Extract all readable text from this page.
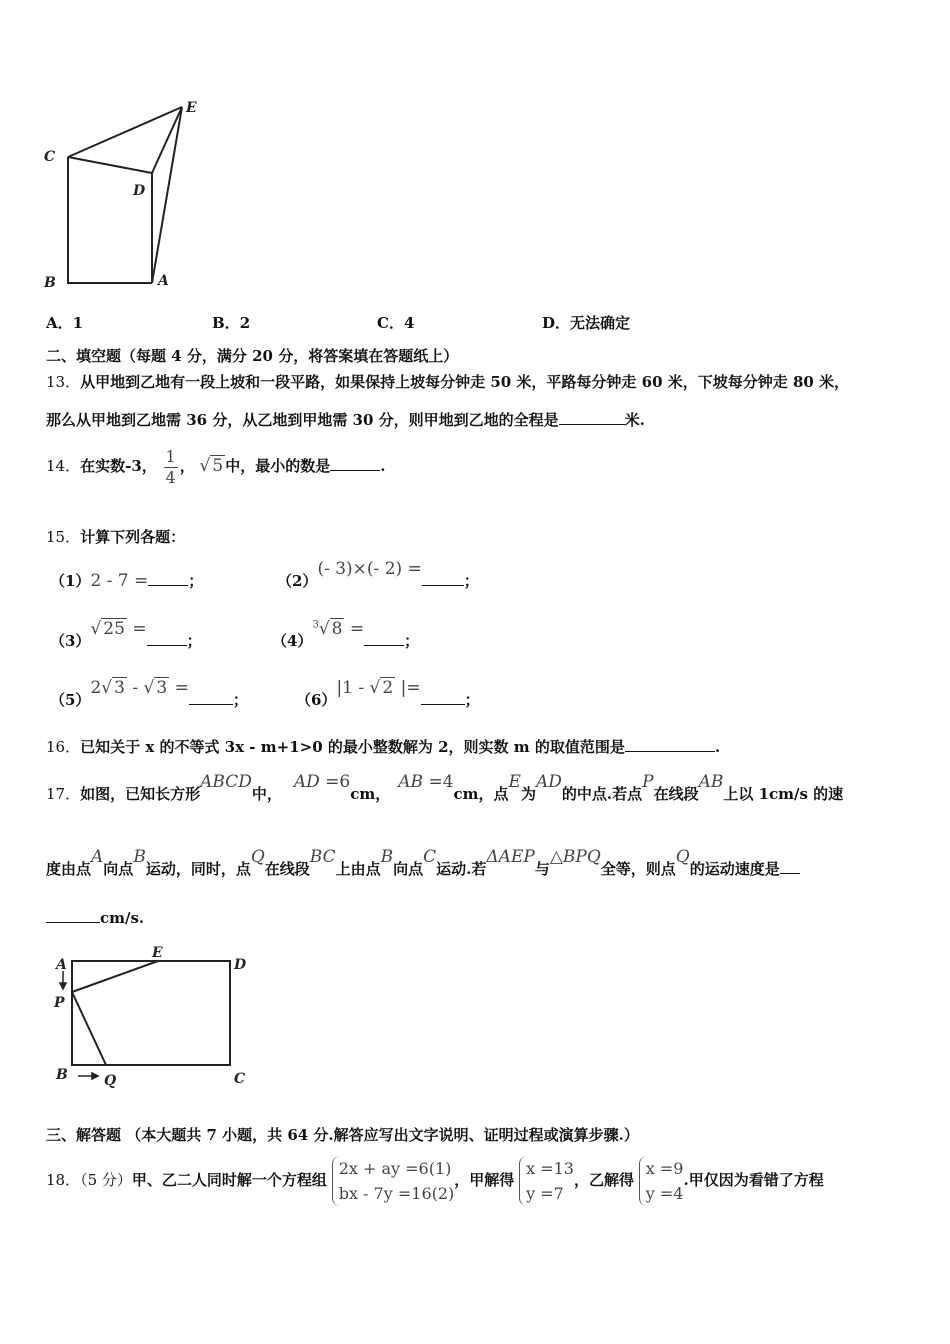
E
C
D
B	A
A．1	B．2	C．4	D．无法确定
二、填空题（每题 4 分，满分 20 分，将答案填在答题纸上）
13．从甲地到乙地有一段上坡和一段平路，如果保持上坡每分钟走 50 米，平路每分钟走 60 米，下坡每分钟走 80 米，
那么从甲地到乙地需 36 分，从乙地到甲地需 30 分，则甲地到乙地的全程是	米.
14．在实数-3， $\frac{1}{4}$ ， √ 5 中，最小的数是	.
15．计算下列各题：
（1）2 - 7 =	；	（2）(- 3)×(- 2) =；
（3）√ 25 =；	$(4)^3√$ 8 =；
（5）2√ 3 - √ 3 =；	（6）|1 - √ 2 |=；
16．已知关于 x 的不等式 3x - m+1>0 的最小整数解为 2，则实数 m 的取值范围是	.
17．如图，已知长方形ABCD中，AD =6cm，AB =4cm，点E为AD的中点.若点P在线段AB上以 1cm/s 的速
度由点A向点B运动，同时，点Q在线段BC上由点B向点C运动.若ΔAEP与△BPQ全等，则点Q的运动速度是
cm/s.
A
E
D
P
B	Q	C
三、解答题 （本大题共 7 小题，共 64 分.解答应写出文字说明、证明过程或演算步骤.）
18．（5 分）甲、乙二人同时解一个方程组
2x + ay =6(1)
bx - 7y =16(2)
，甲解得
x =13
y =7
，乙解得
x =9
y =4
.甲仅因为看错了方程
